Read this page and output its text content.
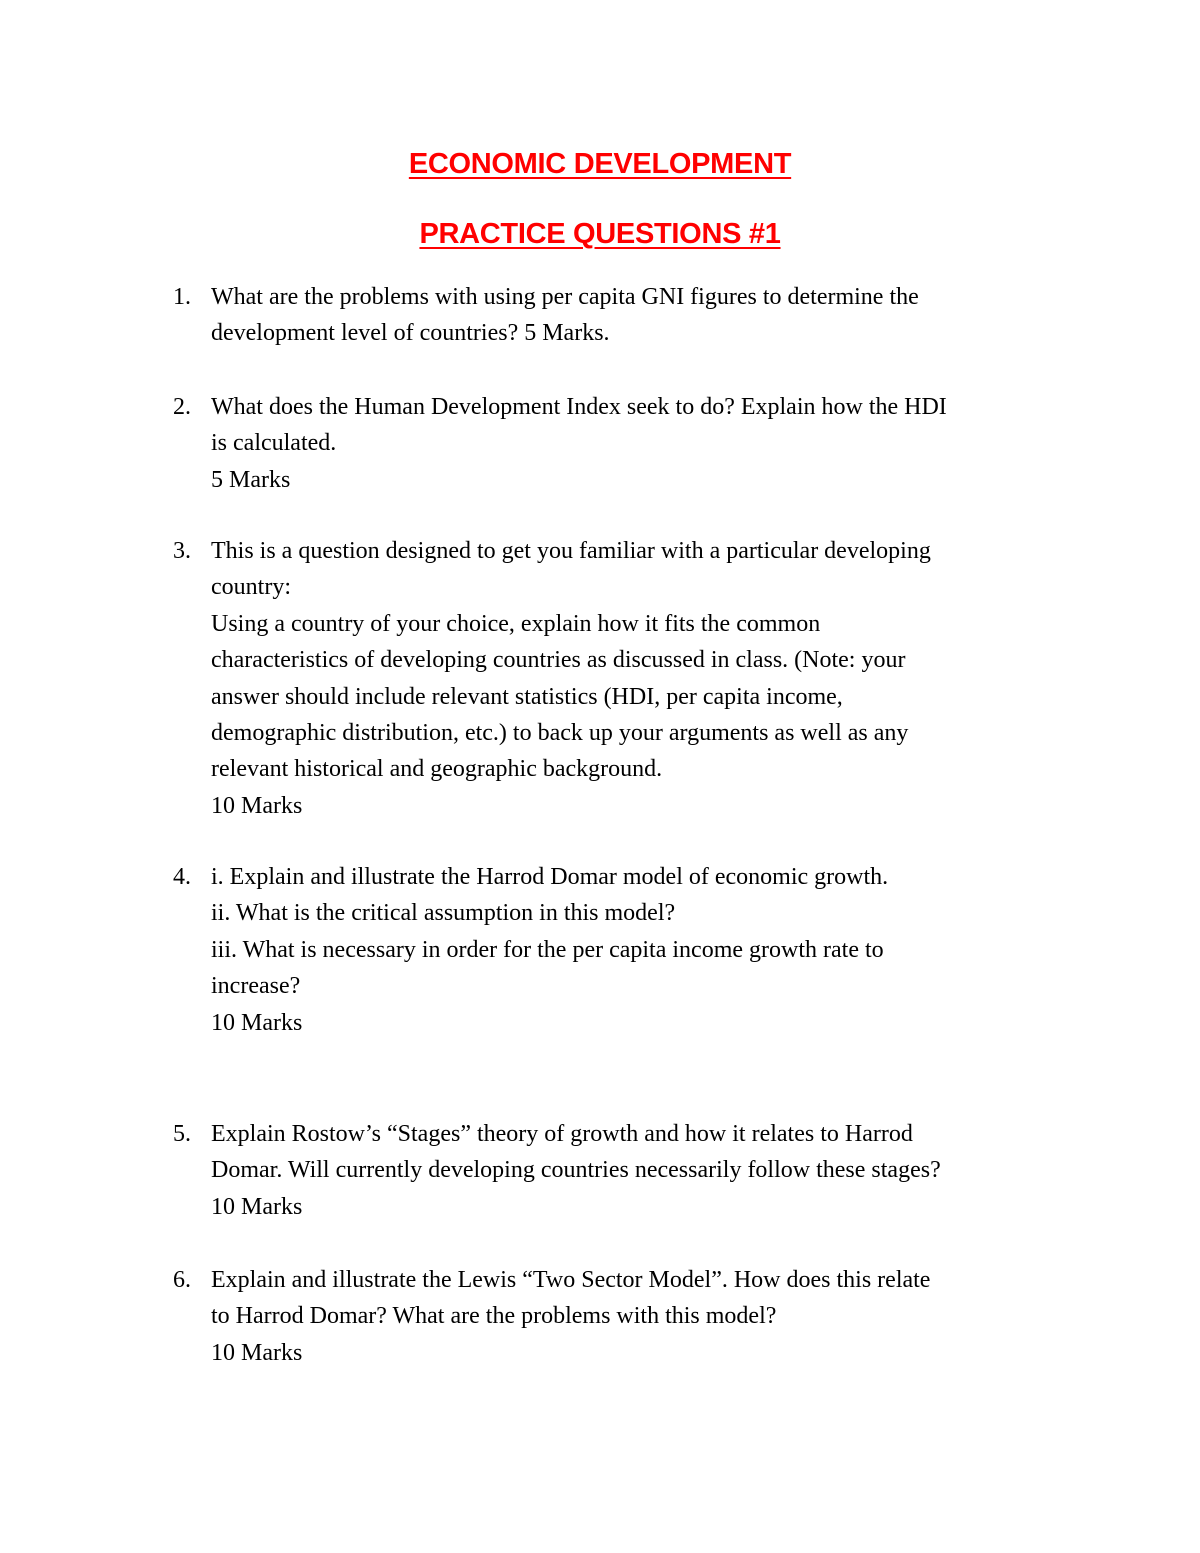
ECONOMIC DEVELOPMENT
PRACTICE QUESTIONS #1
1. What are the problems with using per capita GNI figures to determine the
development level of countries? 5 Marks.
2. What does the Human Development Index seek to do? Explain how the HDI
is calculated.
5 Marks
3. This is a question designed to get you familiar with a particular developing
country:
Using a country of your choice, explain how it fits the common
characteristics of developing countries as discussed in class. (Note: your
answer should include relevant statistics (HDI, per capita income,
demographic distribution, etc.) to back up your arguments as well as any
relevant historical and geographic background.
10 Marks
4. i. Explain and illustrate the Harrod Domar model of economic growth.
ii. What is the critical assumption in this model?
iii. What is necessary in order for the per capita income growth rate to
increase?
10 Marks
5. Explain Rostow’s “Stages” theory of growth and how it relates to Harrod
Domar. Will currently developing countries necessarily follow these stages?
10 Marks
6. Explain and illustrate the Lewis “Two Sector Model”. How does this relate
to Harrod Domar? What are the problems with this model?
10 Marks
